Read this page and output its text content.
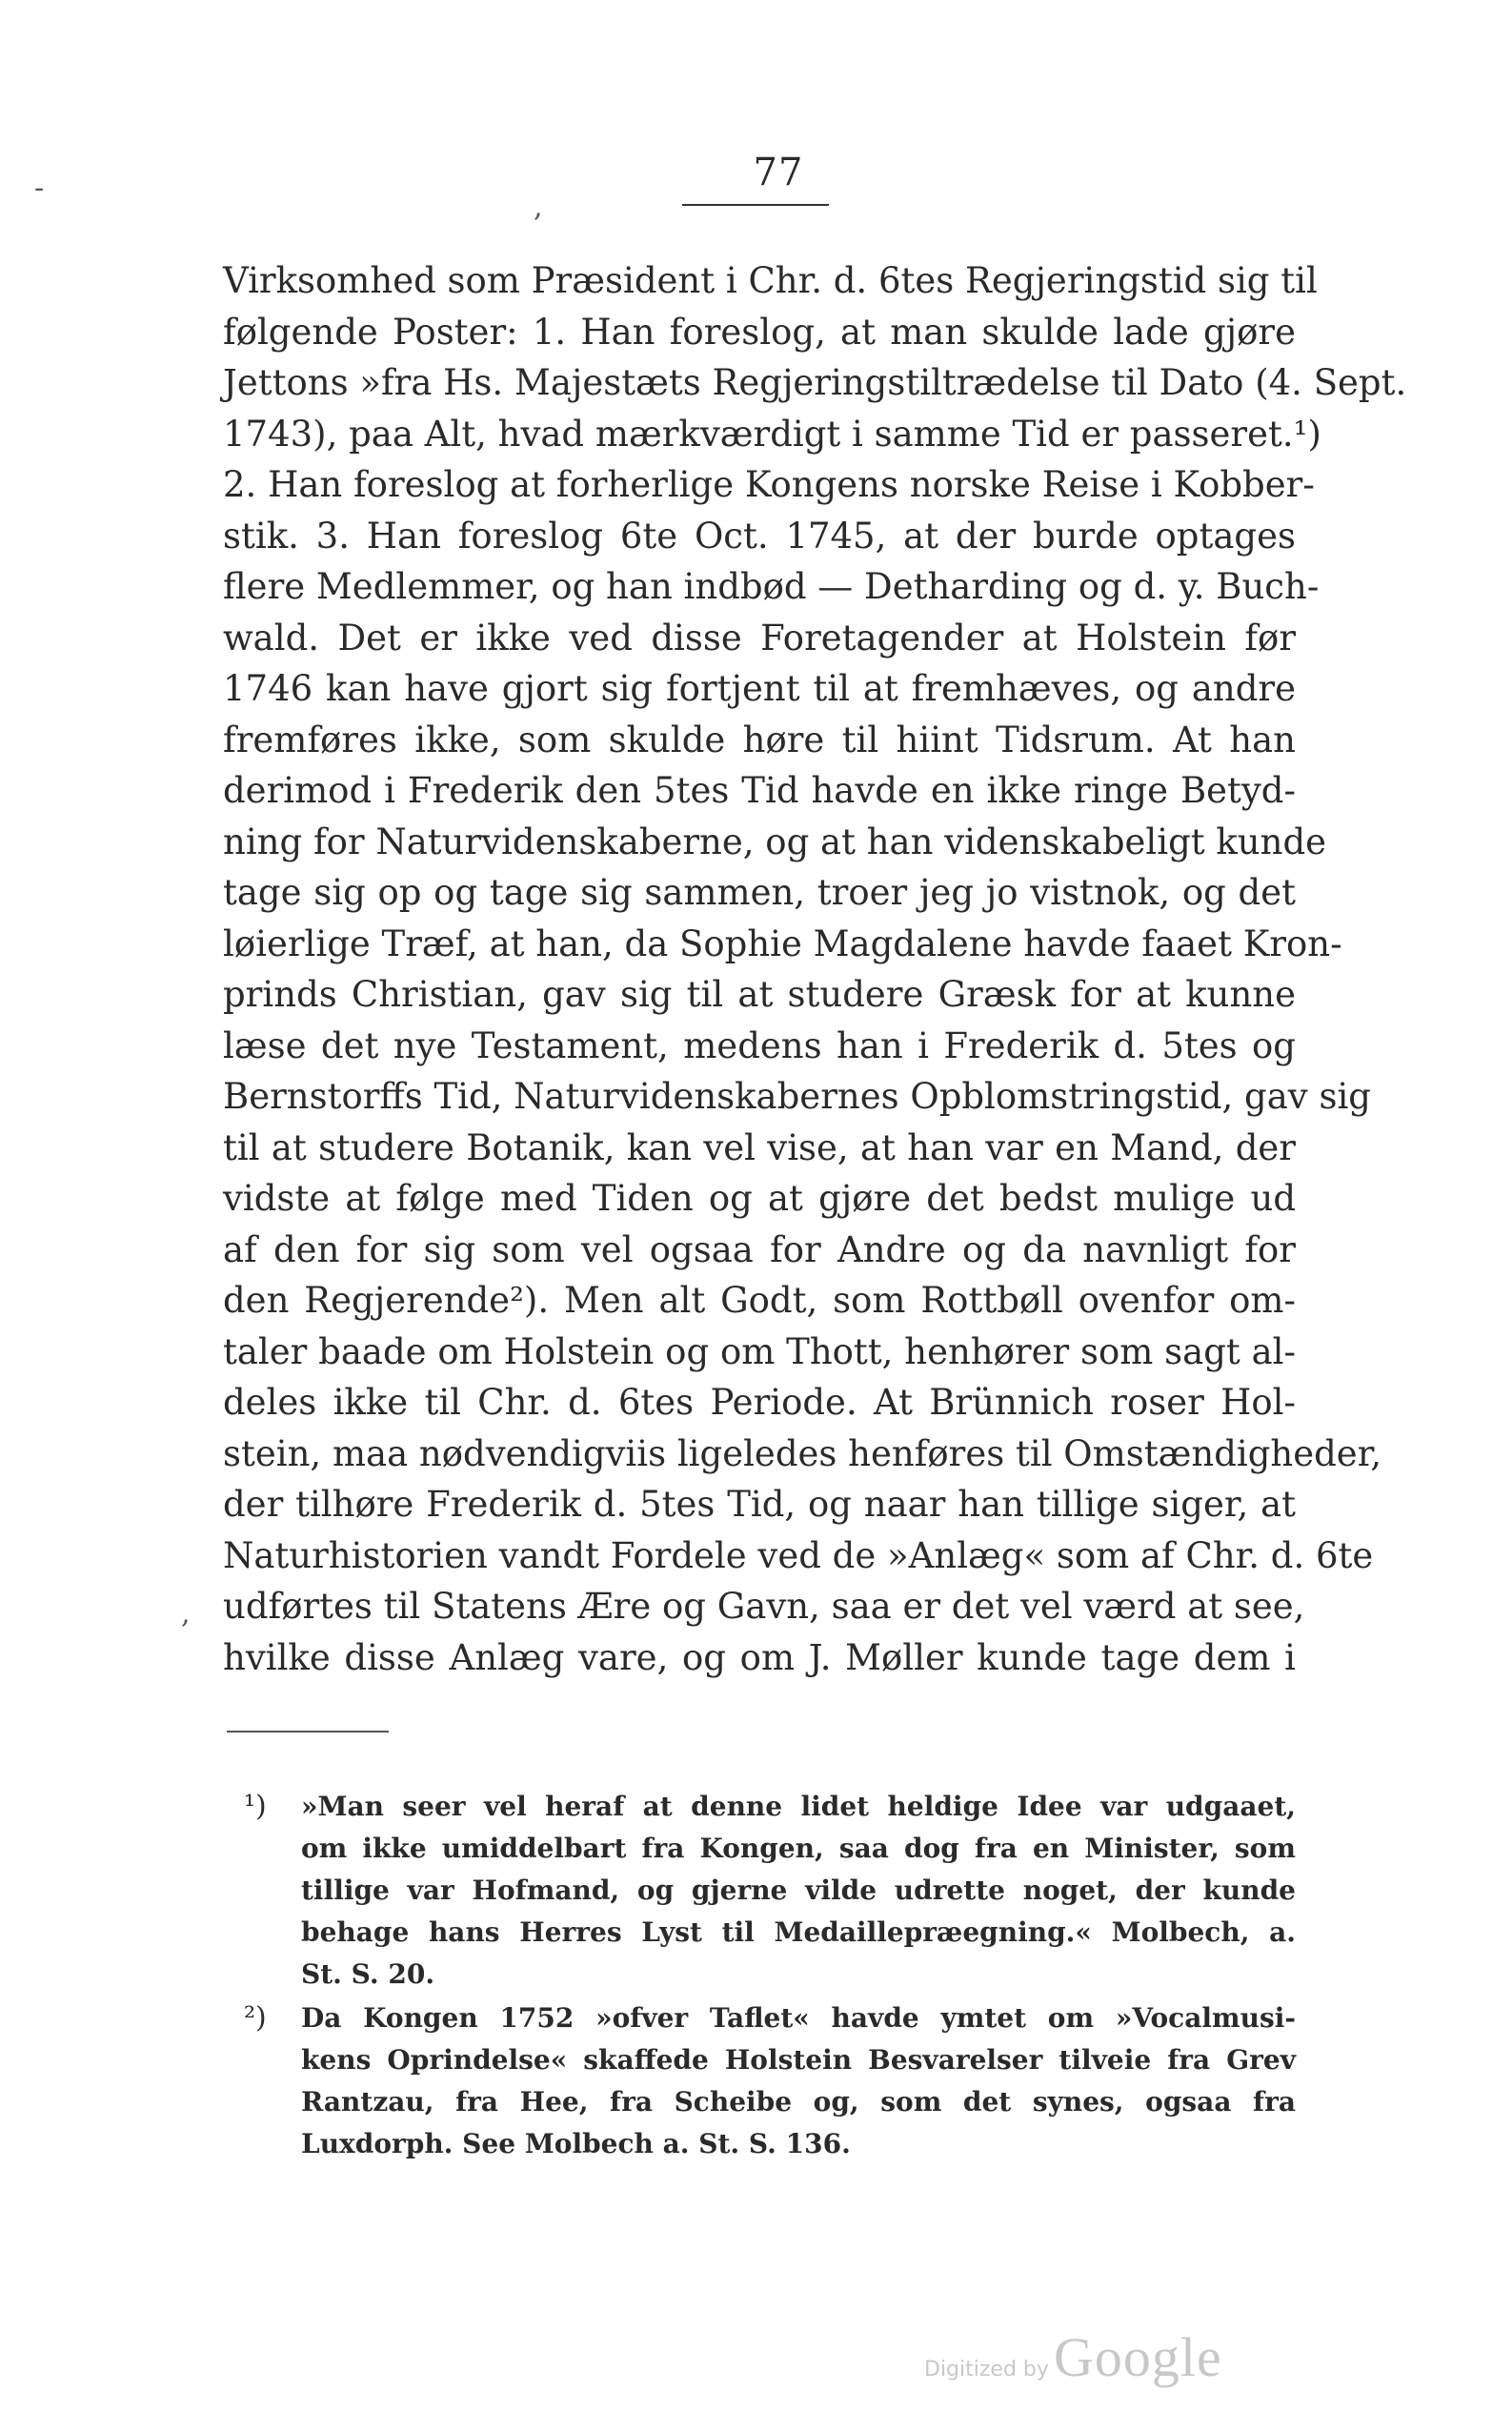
77
,
-
,
Virksomhed som Præsident i Chr. d. 6tes Regjeringstid sig til
følgende Poster: 1. Han foreslog, at man skulde lade gjøre
Jettons »fra Hs. Majestæts Regjeringstiltrædelse til Dato (4. Sept.
1743), paa Alt, hvad mærkværdigt i samme Tid er passeret.¹)
2. Han foreslog at forherlige Kongens norske Reise i Kobber-
stik. 3. Han foreslog 6te Oct. 1745, at der burde optages
flere Medlemmer, og han indbød — Detharding og d. y. Buch-
wald. Det er ikke ved disse Foretagender at Holstein før
1746 kan have gjort sig fortjent til at fremhæves, og andre
fremføres ikke, som skulde høre til hiint Tidsrum. At han
derimod i Frederik den 5tes Tid havde en ikke ringe Betyd-
ning for Naturvidenskaberne, og at han videnskabeligt kunde
tage sig op og tage sig sammen, troer jeg jo vistnok, og det
løierlige Træf, at han, da Sophie Magdalene havde faaet Kron-
prinds Christian, gav sig til at studere Græsk for at kunne
læse det nye Testament, medens han i Frederik d. 5tes og
Bernstorffs Tid, Naturvidenskabernes Opblomstringstid, gav sig
til at studere Botanik, kan vel vise, at han var en Mand, der
vidste at følge med Tiden og at gjøre det bedst mulige ud
af den for sig som vel ogsaa for Andre og da navnligt for
den Regjerende²). Men alt Godt, som Rottbøll ovenfor om-
taler baade om Holstein og om Thott, henhører som sagt al-
deles ikke til Chr. d. 6tes Periode. At Brünnich roser Hol-
stein, maa nødvendigviis ligeledes henføres til Omstændigheder,
der tilhøre Frederik d. 5tes Tid, og naar han tillige siger, at
Naturhistorien vandt Fordele ved de »Anlæg« som af Chr. d. 6te
udførtes til Statens Ære og Gavn, saa er det vel værd at see,
hvilke disse Anlæg vare, og om J. Møller kunde tage dem i
¹) »Man seer vel heraf at denne lidet heldige Idee var udgaaet,
om ikke umiddelbart fra Kongen, saa dog fra en Minister, som
tillige var Hofmand, og gjerne vilde udrette noget, der kunde
behage hans Herres Lyst til Medaillepræegning.« Molbech, a.
St. S. 20.
²) Da Kongen 1752 »ofver Taflet« havde ymtet om »Vocalmusi-
kens Oprindelse« skaffede Holstein Besvarelser tilveie fra Grev
Rantzau, fra Hee, fra Scheibe og, som det synes, ogsaa fra
Luxdorph. See Molbech a. St. S. 136.
Digitized by Google
